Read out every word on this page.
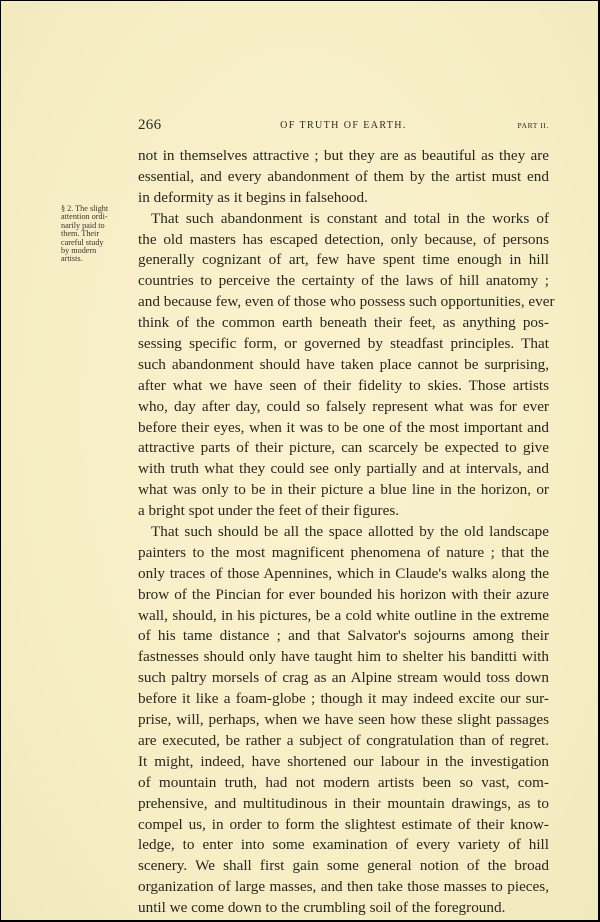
266	OF TRUTH OF EARTH.	PART II.
§ 2. The slight
attention ordi-
narily paid to
them. Their
careful study
by modern
artists.
not in themselves attractive ; but they are as beautiful as they are
essential, and every abandonment of them by the artist must end
in deformity as it begins in falsehood.
That such abandonment is constant and total in the works of
the old masters has escaped detection, only because, of persons
generally cognizant of art, few have spent time enough in hill
countries to perceive the certainty of the laws of hill anatomy ;
and because few, even of those who possess such opportunities, ever
think of the common earth beneath their feet, as anything pos-
sessing specific form, or governed by steadfast principles. That
such abandonment should have taken place cannot be surprising,
after what we have seen of their fidelity to skies. Those artists
who, day after day, could so falsely represent what was for ever
before their eyes, when it was to be one of the most important and
attractive parts of their picture, can scarcely be expected to give
with truth what they could see only partially and at intervals, and
what was only to be in their picture a blue line in the horizon, or
a bright spot under the feet of their figures.
That such should be all the space allotted by the old landscape
painters to the most magnificent phenomena of nature ; that the
only traces of those Apennines, which in Claude's walks along the
brow of the Pincian for ever bounded his horizon with their azure
wall, should, in his pictures, be a cold white outline in the extreme
of his tame distance ; and that Salvator's sojourns among their
fastnesses should only have taught him to shelter his banditti with
such paltry morsels of crag as an Alpine stream would toss down
before it like a foam-globe ; though it may indeed excite our sur-
prise, will, perhaps, when we have seen how these slight passages
are executed, be rather a subject of congratulation than of regret.
It might, indeed, have shortened our labour in the investigation
of mountain truth, had not modern artists been so vast, com-
prehensive, and multitudinous in their mountain drawings, as to
compel us, in order to form the slightest estimate of their know-
ledge, to enter into some examination of every variety of hill
scenery. We shall first gain some general notion of the broad
organization of large masses, and then take those masses to pieces,
until we come down to the crumbling soil of the foreground.
